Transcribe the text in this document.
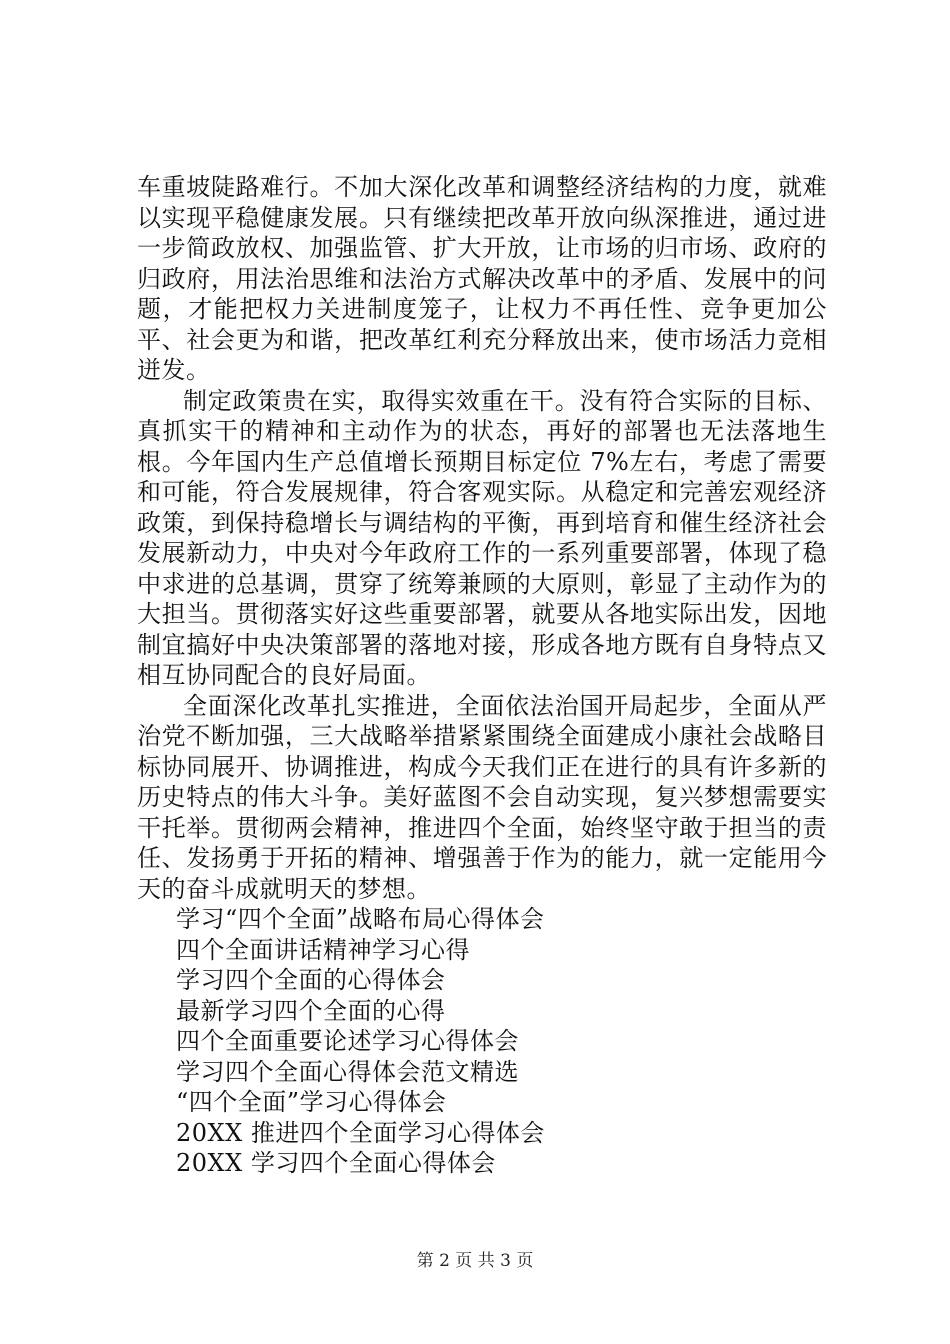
车重坡陡路难行。不加大深化改革和调整经济结构的力度，就难以实现平稳健康发展。只有继续把改革开放向纵深推进，通过进一步简政放权、加强监管、扩大开放，让市场的归市场、政府的归政府，用法治思维和法治方式解决改革中的矛盾、发展中的问题，才能把权力关进制度笼子，让权力不再任性、竞争更加公平、社会更为和谐，把改革红利充分释放出来，使市场活力竞相迸发。

制定政策贵在实，取得实效重在干。没有符合实际的目标、真抓实干的精神和主动作为的状态，再好的部署也无法落地生根。今年国内生产总值增长预期目标定位 7%左右，考虑了需要和可能，符合发展规律，符合客观实际。从稳定和完善宏观经济政策，到保持稳增长与调结构的平衡，再到培育和催生经济社会发展新动力，中央对今年政府工作的一系列重要部署，体现了稳中求进的总基调，贯穿了统筹兼顾的大原则，彰显了主动作为的大担当。贯彻落实好这些重要部署，就要从各地实际出发，因地制宜搞好中央决策部署的落地对接，形成各地方既有自身特点又相互协同配合的良好局面。

全面深化改革扎实推进，全面依法治国开局起步，全面从严治党不断加强，三大战略举措紧紧围绕全面建成小康社会战略目标协同展开、协调推进，构成今天我们正在进行的具有许多新的历史特点的伟大斗争。美好蓝图不会自动实现，复兴梦想需要实干托举。贯彻两会精神，推进四个全面，始终坚守敢于担当的责任、发扬勇于开拓的精神、增强善于作为的能力，就一定能用今天的奋斗成就明天的梦想。

学习“四个全面”战略布局心得体会
四个全面讲话精神学习心得
学习四个全面的心得体会
最新学习四个全面的心得
四个全面重要论述学习心得体会
学习四个全面心得体会范文精选
“四个全面”学习心得体会
20XX 推进四个全面学习心得体会
20XX 学习四个全面心得体会
第 2 页 共 3 页
